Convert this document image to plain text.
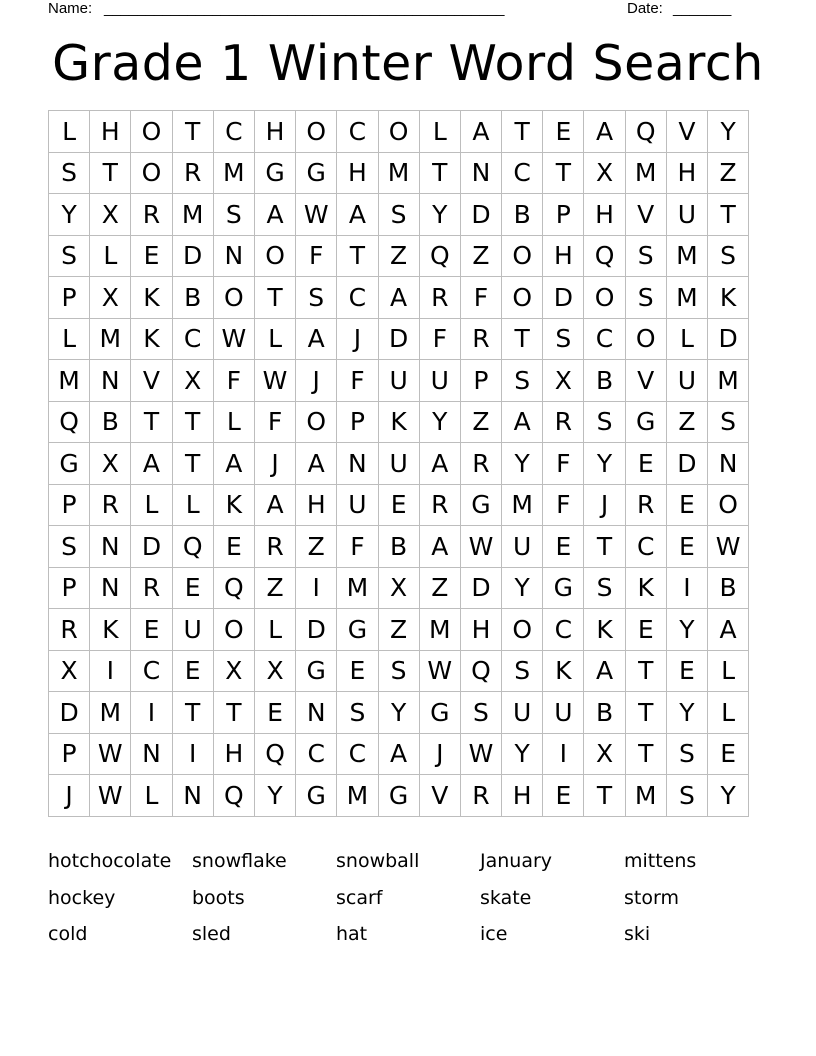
Name: ________________________________________________	Date: _______
Grade 1 Winter Word Search
L	H	O	T	C	H	O	C	O	L	A	T	E	A	Q	V	Y
S	T	O	R	M	G	G	H	M	T	N	C	T	X	M	H	Z
Y	X	R	M	S	A	W	A	S	Y	D	B	P	H	V	U	T
S	L	E	D	N	O	F	T	Z	Q	Z	O	H	Q	S	M	S
P	X	K	B	O	T	S	C	A	R	F	O	D	O	S	M	K
L	M	K	C	W	L	A	J	D	F	R	T	S	C	O	L	D
M	N	V	X	F	W	J	F	U	U	P	S	X	B	V	U	M
Q	B	T	T	L	F	O	P	K	Y	Z	A	R	S	G	Z	S
G	X	A	T	A	J	A	N	U	A	R	Y	F	Y	E	D	N
P	R	L	L	K	A	H	U	E	R	G	M	F	J	R	E	O
S	N	D	Q	E	R	Z	F	B	A	W	U	E	T	C	E	W
P	N	R	E	Q	Z	I	M	X	Z	D	Y	G	S	K	I	B
R	K	E	U	O	L	D	G	Z	M	H	O	C	K	E	Y	A
X	I	C	E	X	X	G	E	S	W	Q	S	K	A	T	E	L
D	M	I	T	T	E	N	S	Y	G	S	U	U	B	T	Y	L
P	W	N	I	H	Q	C	C	A	J	W	Y	I	X	T	S	E
J	W	L	N	Q	Y	G	M	G	V	R	H	E	T	M	S	Y
hotchocolate snowflake	snowball	January	mittens
hockey	boots	scarf	skate	storm
cold	sled	hat	ice	ski
